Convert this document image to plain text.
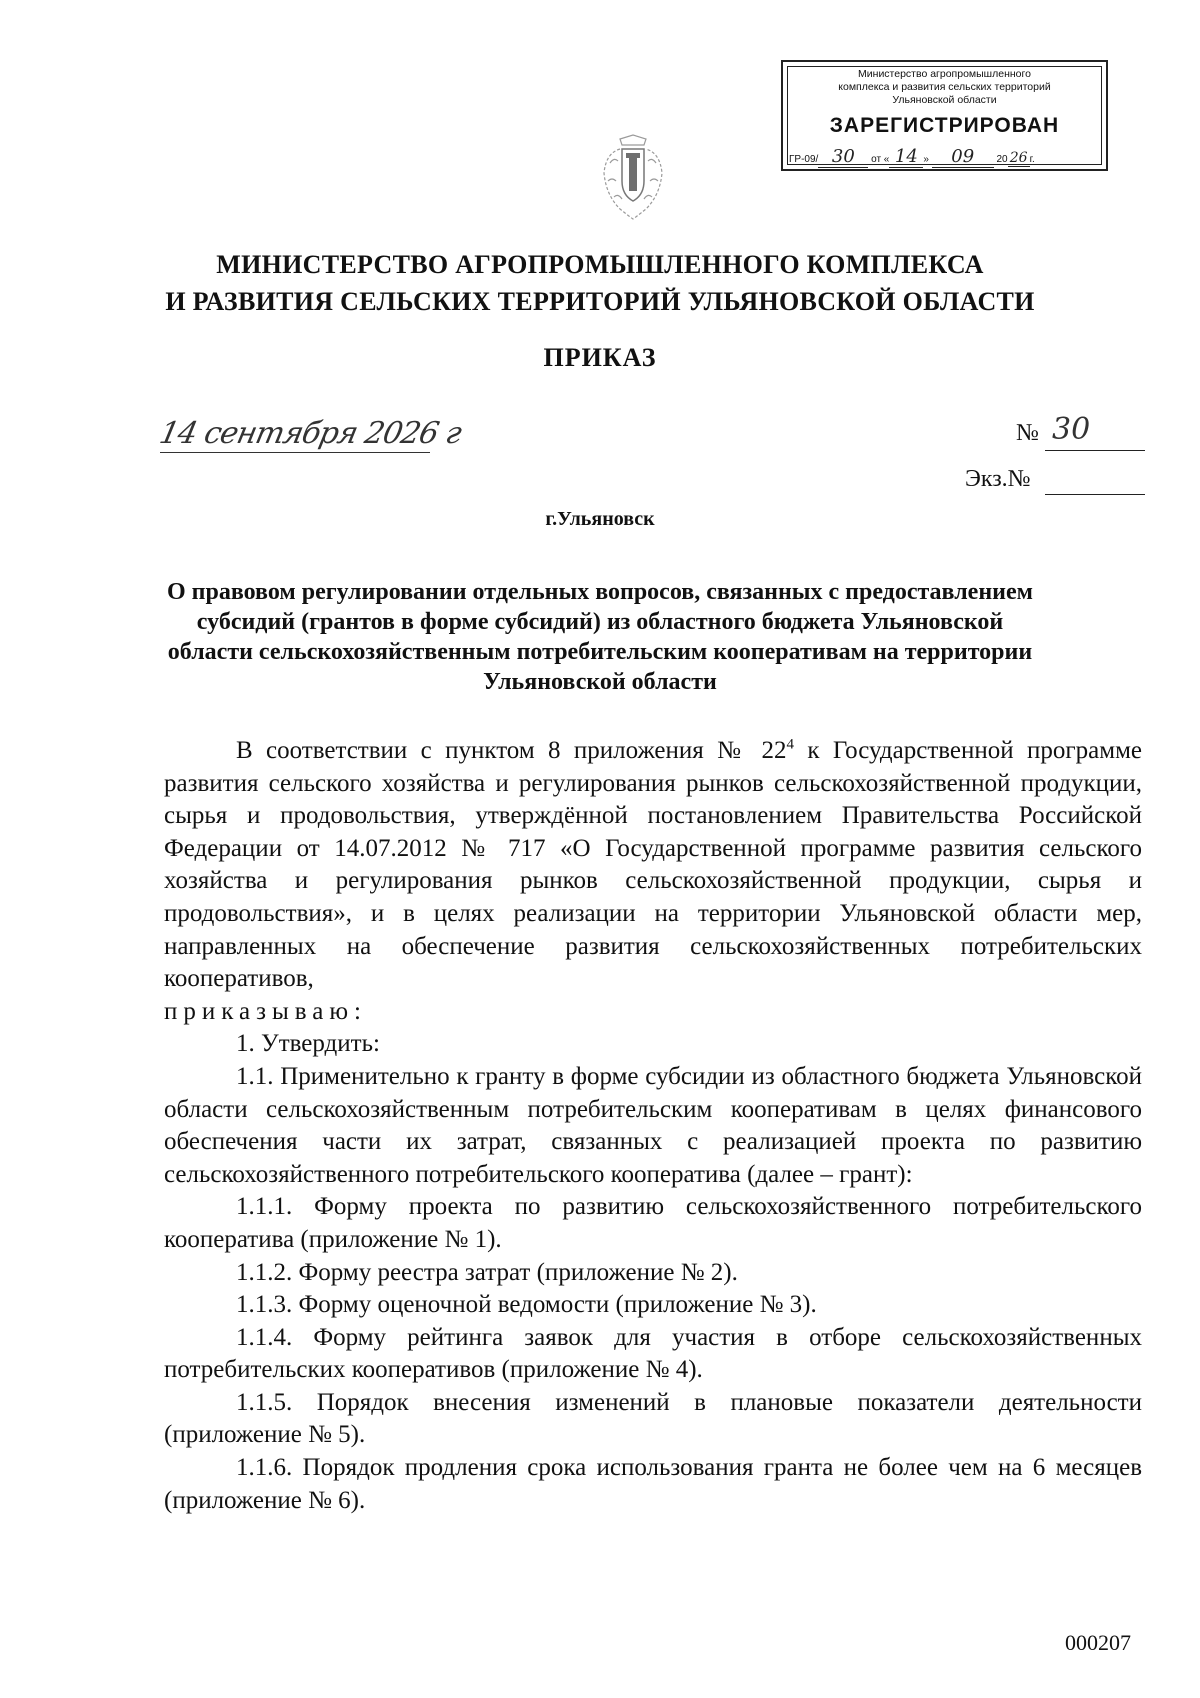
Министерство агропромышленного
комплекса и развития сельских территорий
Ульяновской области
ЗАРЕГИСТРИРОВАН
ГР-09/ 30 от « 14 » 09 20 26 г.
МИНИСТЕРСТВО АГРОПРОМЫШЛЕННОГО КОМПЛЕКСА
И РАЗВИТИЯ СЕЛЬСКИХ ТЕРРИТОРИЙ УЛЬЯНОВСКОЙ ОБЛАСТИ
ПРИКАЗ
14 сентября 2026 г	№ 30
Экз.№
г.Ульяновск
О правовом регулировании отдельных вопросов, связанных с предоставлением субсидий (грантов в форме субсидий) из областного бюджета Ульяновской области сельскохозяйственным потребительским кооперативам на территории Ульяновской области

В соответствии с пунктом 8 приложения № $22^4$ к Государственной программе развития сельского хозяйства и регулирования рынков сельскохозяйственной продукции, сырья и продовольствия, утверждённой постановлением Правительства Российской Федерации от 14.07.2012 № 717 «О Государственной программе развития сельского хозяйства и регулирования рынков сельскохозяйственной продукции, сырья и продовольствия», и в целях реализации на территории Ульяновской области мер, направленных на обеспечение развития сельскохозяйственных потребительских кооперативов,

приказываю:

1. Утвердить:

1.1. Применительно к гранту в форме субсидии из областного бюджета Ульяновской области сельскохозяйственным потребительским кооперативам в целях финансового обеспечения части их затрат, связанных с реализацией проекта по развитию сельскохозяйственного потребительского кооператива (далее – грант):

1.1.1. Форму проекта по развитию сельскохозяйственного потребительского кооператива (приложение № 1).

1.1.2. Форму реестра затрат (приложение № 2).

1.1.3. Форму оценочной ведомости (приложение № 3).

1.1.4. Форму рейтинга заявок для участия в отборе сельскохозяйственных потребительских кооперативов (приложение № 4).

1.1.5. Порядок внесения изменений в плановые показатели деятельности (приложение № 5).

1.1.6. Порядок продления срока использования гранта не более чем на 6 месяцев (приложение № 6).

000207
